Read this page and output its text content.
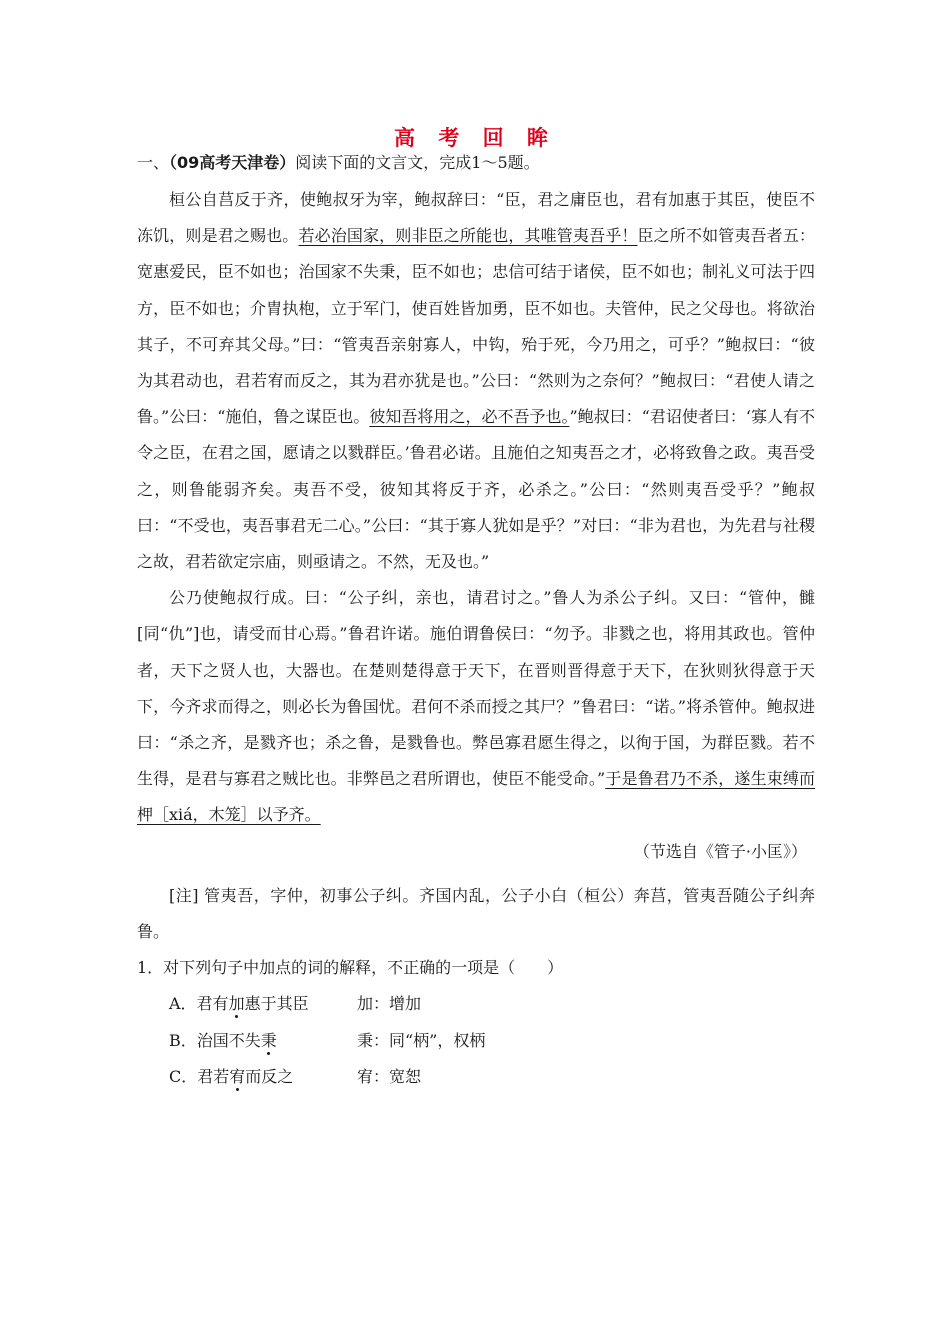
高 考 回 眸
一、（09高考天津卷）阅读下面的文言文，完成1～5题。

桓公自莒反于齐，使鲍叔牙为宰，鲍叔辞曰：“臣，君之庸臣也，君有加惠于其臣，使臣不冻饥，则是君之赐也。若必治国家，则非臣之所能也，其唯管夷吾乎！臣之所不如管夷吾者五：宽惠爱民，臣不如也；治国家不失秉，臣不如也；忠信可结于诸侯，臣不如也；制礼义可法于四方，臣不如也；介胄执枹，立于军门，使百姓皆加勇，臣不如也。夫管仲，民之父母也。将欲治其子，不可弃其父母。”曰：“管夷吾亲射寡人，中钩，殆于死，今乃用之，可乎？”鲍叔曰：“彼为其君动也，君若宥而反之，其为君亦犹是也。”公曰：“然则为之奈何？”鲍叔曰：“君使人请之鲁。”公曰：“施伯，鲁之谋臣也。彼知吾将用之，必不吾予也。”鲍叔曰：“君诏使者曰：‘寡人有不令之臣，在君之国，愿请之以戮群臣。’鲁君必诺。且施伯之知夷吾之才，必将致鲁之政。夷吾受之，则鲁能弱齐矣。夷吾不受，彼知其将反于齐，必杀之。”公曰：“然则夷吾受乎？”鲍叔曰：“不受也，夷吾事君无二心。”公曰：“其于寡人犹如是乎？”对曰：“非为君也，为先君与社稷之故，君若欲定宗庙，则亟请之。不然，无及也。”

公乃使鲍叔行成。曰：“公子纠，亲也，请君讨之。”鲁人为杀公子纠。又曰：“管仲，雠[同“仇”]也，请受而甘心焉。”鲁君许诺。施伯谓鲁侯曰：“勿予。非戮之也，将用其政也。管仲者，天下之贤人也，大器也。在楚则楚得意于天下，在晋则晋得意于天下，在狄则狄得意于天下，今齐求而得之，则必长为鲁国忧。君何不杀而授之其尸？”鲁君曰：“诺。”将杀管仲。鲍叔进曰：“杀之齐，是戮齐也；杀之鲁，是戮鲁也。弊邑寡君愿生得之，以徇于国，为群臣戮。若不生得，是君与寡君之贼比也。非弊邑之君所谓也，使臣不能受命。”于是鲁君乃不杀，遂生束缚而柙［xiá，木笼］以予齐。

（节选自《管子·小匡》）

[注] 管夷吾，字仲，初事公子纠。齐国内乱，公子小白（桓公）奔莒，管夷吾随公子纠奔鲁。

1．对下列句子中加点的词的解释，不正确的一项是（　　）

A．君有加惠于其臣	加：增加

B．治国不失秉	秉：同“柄”，权柄

C．君若宥而反之	宥：宽恕
